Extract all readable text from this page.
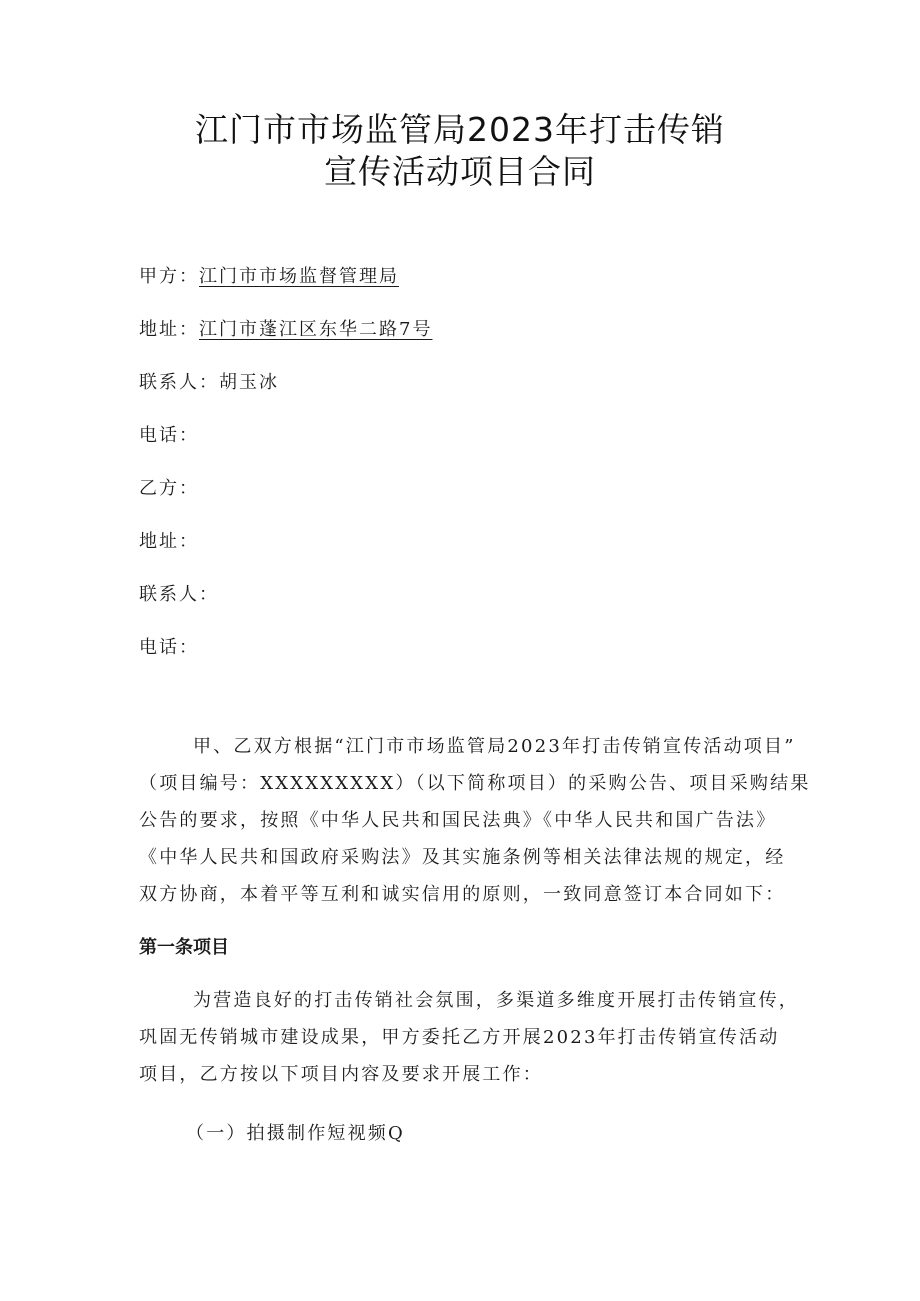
江门市市场监管局2023年打击传销
宣传活动项目合同
甲方：江门市市场监督管理局
地址：江门市蓬江区东华二路7号
联系人：胡玉冰
电话：
乙方：
地址：
联系人：
电话：
甲、乙双方根据“江门市市场监管局2023年打击传销宣传活动项目”
（项目编号：XXXXXXXXX）（以下简称项目）的采购公告、项目采购结果
公告的要求，按照《中华人民共和国民法典》《中华人民共和国广告法》
《中华人民共和国政府采购法》及其实施条例等相关法律法规的规定，经
双方协商，本着平等互利和诚实信用的原则，一致同意签订本合同如下：
第一条项目
为营造良好的打击传销社会氛围，多渠道多维度开展打击传销宣传，
巩固无传销城市建设成果，甲方委托乙方开展2023年打击传销宣传活动
项目，乙方按以下项目内容及要求开展工作：
（一）拍摄制作短视频Q
